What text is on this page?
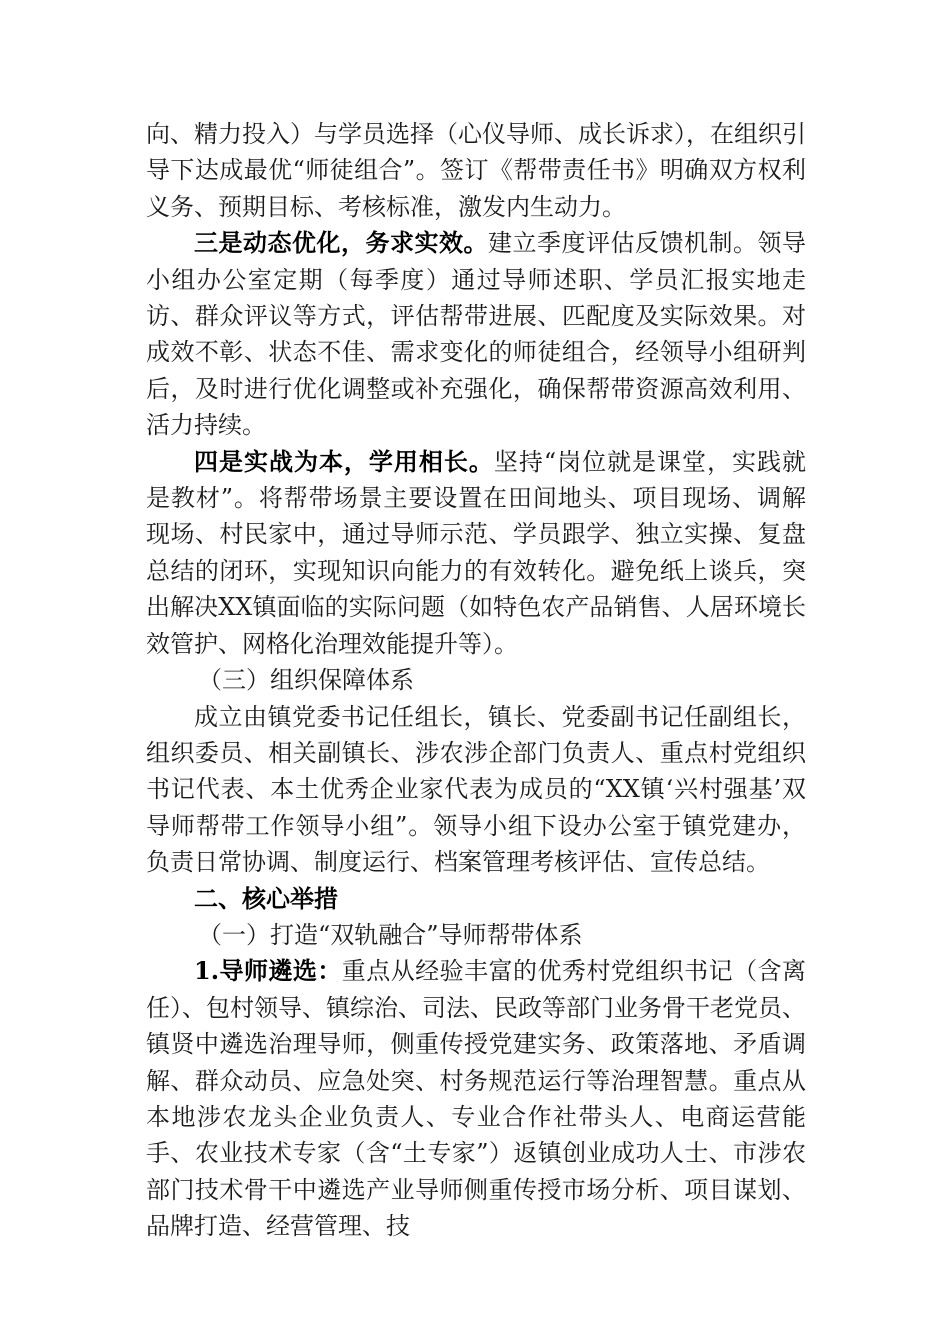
向、精力投入）与学员选择（心仪导师、成长诉求），在组织引导下达成最优“师徒组合”。签订《帮带责任书》明确双方权利义务、预期目标、考核标准，激发内生动力。

三是动态优化，务求实效。建立季度评估反馈机制。领导小组办公室定期（每季度）通过导师述职、学员汇报实地走访、群众评议等方式，评估帮带进展、匹配度及实际效果。对成效不彰、状态不佳、需求变化的师徒组合，经领导小组研判后，及时进行优化调整或补充强化，确保帮带资源高效利用、活力持续。

四是实战为本，学用相长。坚持“岗位就是课堂，实践就是教材”。将帮带场景主要设置在田间地头、项目现场、调解现场、村民家中，通过导师示范、学员跟学、独立实操、复盘总结的闭环，实现知识向能力的有效转化。避免纸上谈兵，突出解决XX镇面临的实际问题（如特色农产品销售、人居环境长效管护、网格化治理效能提升等）。

（三）组织保障体系

成立由镇党委书记任组长，镇长、党委副书记任副组长，组织委员、相关副镇长、涉农涉企部门负责人、重点村党组织书记代表、本土优秀企业家代表为成员的“XX镇‘兴村强基’双导师帮带工作领导小组”。领导小组下设办公室于镇党建办，负责日常协调、制度运行、档案管理考核评估、宣传总结。

二、核心举措

（一）打造“双轨融合”导师帮带体系

1.导师遴选：重点从经验丰富的优秀村党组织书记（含离任）、包村领导、镇综治、司法、民政等部门业务骨干老党员、镇贤中遴选治理导师，侧重传授党建实务、政策落地、矛盾调解、群众动员、应急处突、村务规范运行等治理智慧。重点从本地涉农龙头企业负责人、专业合作社带头人、电商运营能手、农业技术专家（含“土专家”）返镇创业成功人士、市涉农部门技术骨干中遴选产业导师侧重传授市场分析、项目谋划、品牌打造、经营管理、技
